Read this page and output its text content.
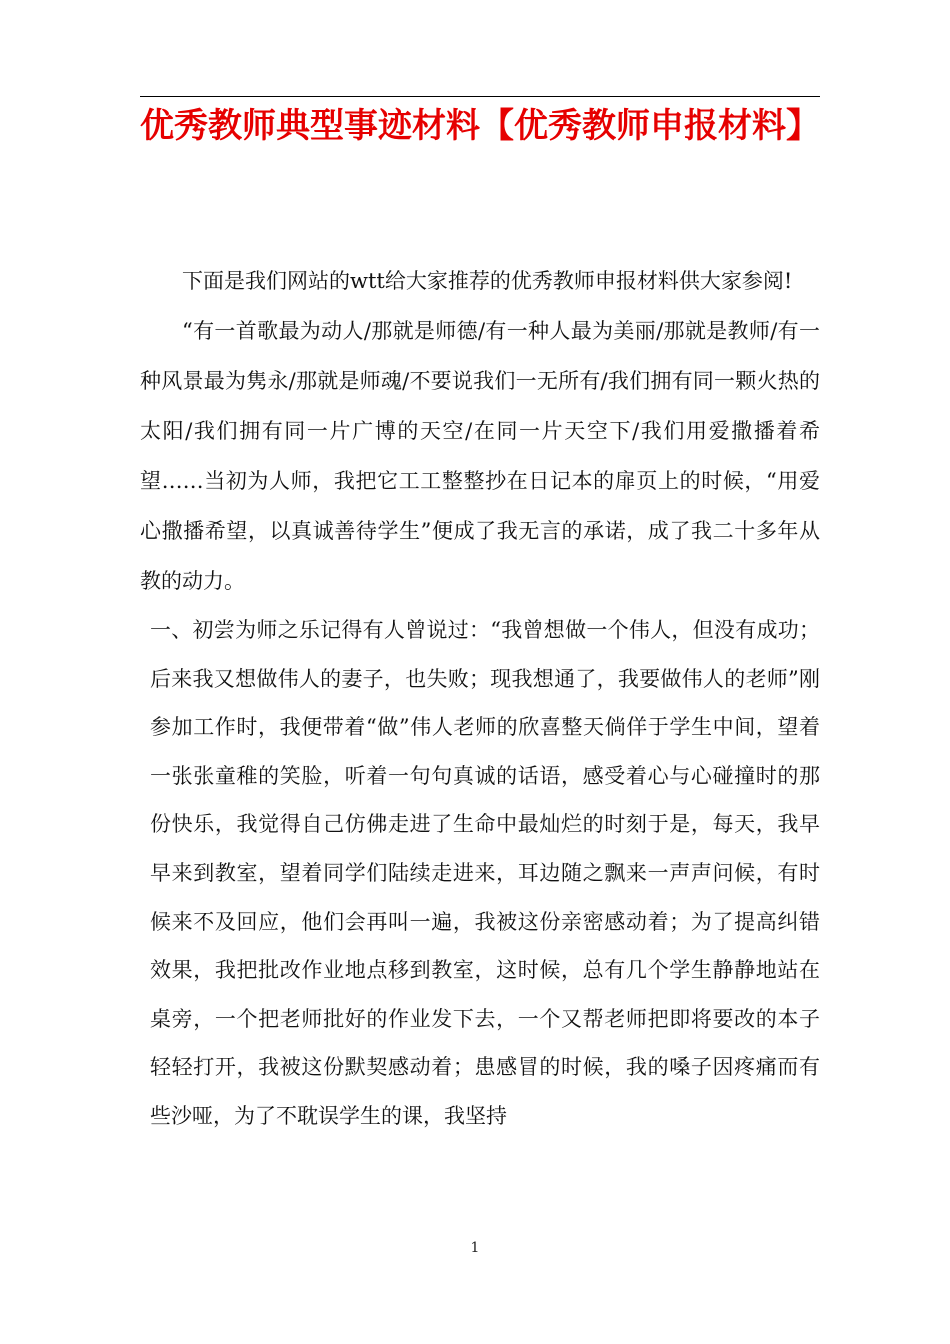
优秀教师典型事迹材料【优秀教师申报材料】

下面是我们网站的wtt给大家推荐的优秀教师申报材料供大家参阅!

“有一首歌最为动人/那就是师德/有一种人最为美丽/那就是教师/有一种风景最为隽永/那就是师魂/不要说我们一无所有/我们拥有同一颗火热的太阳/我们拥有同一片广博的天空/在同一片天空下/我们用爱撒播着希望……当初为人师，我把它工工整整抄在日记本的扉页上的时候，“用爱心撒播希望，以真诚善待学生”便成了我无言的承诺，成了我二十多年从教的动力。

一、初尝为师之乐记得有人曾说过：“我曾想做一个伟人，但没有成功；后来我又想做伟人的妻子，也失败；现我想通了，我要做伟人的老师”刚参加工作时，我便带着“做”伟人老师的欣喜整天倘佯于学生中间，望着一张张童稚的笑脸，听着一句句真诚的话语，感受着心与心碰撞时的那份快乐，我觉得自己仿佛走进了生命中最灿烂的时刻于是，每天，我早早来到教室，望着同学们陆续走进来，耳边随之飘来一声声问候，有时候来不及回应，他们会再叫一遍，我被这份亲密感动着；为了提高纠错效果，我把批改作业地点移到教室，这时候，总有几个学生静静地站在桌旁，一个把老师批好的作业发下去，一个又帮老师把即将要改的本子轻轻打开，我被这份默契感动着；患感冒的时候，我的嗓子因疼痛而有些沙哑，为了不耽误学生的课，我坚持

1
